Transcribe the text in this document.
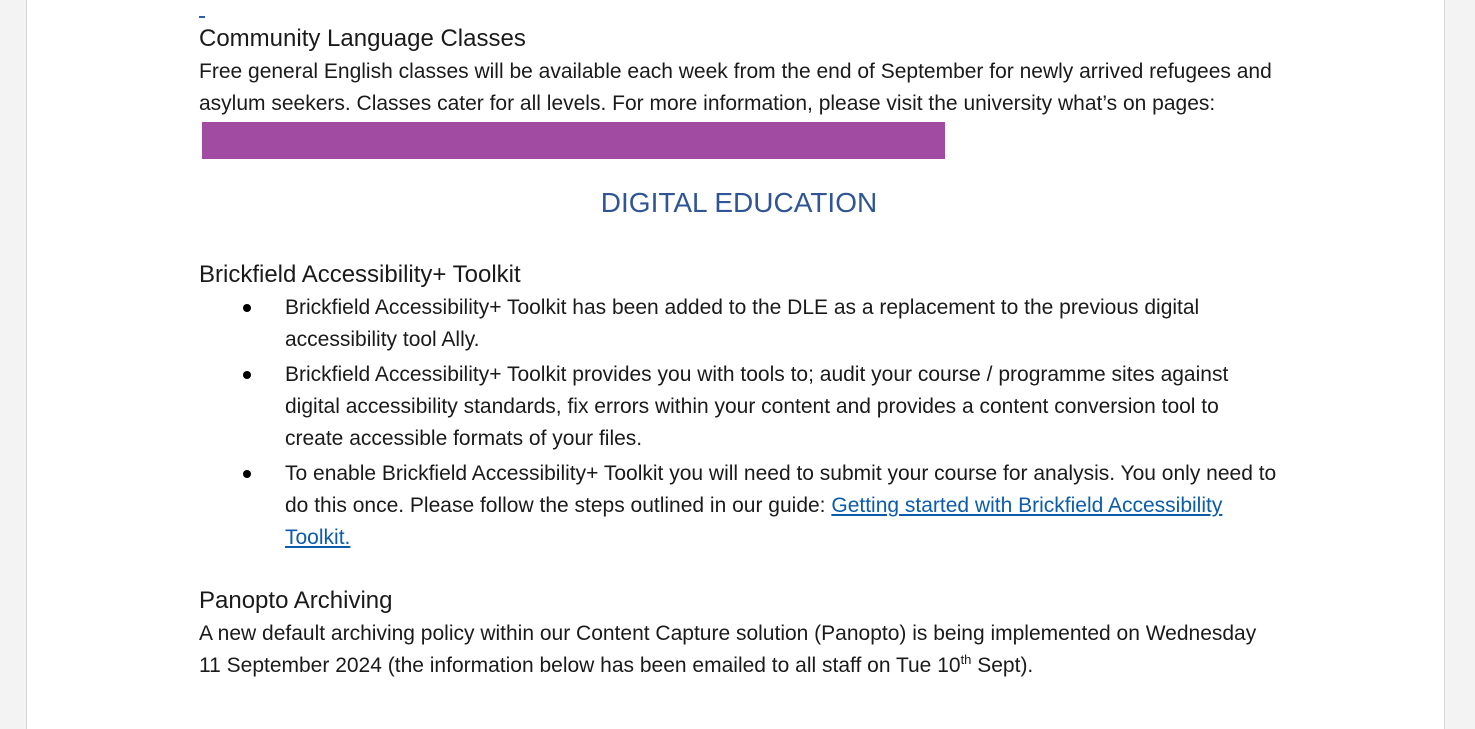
Community Language Classes

Free general English classes will be available each week from the end of September for newly arrived refugees and asylum seekers. Classes cater for all levels. For more information, please visit the university what’s on pages:

DIGITAL EDUCATION
Brickfield Accessibility+ Toolkit
Brickfield Accessibility+ Toolkit has been added to the DLE as a replacement to the previous digital accessibility tool Ally.
Brickfield Accessibility+ Toolkit provides you with tools to; audit your course / programme sites against digital accessibility standards, fix errors within your content and provides a content conversion tool to create accessible formats of your files.
To enable Brickfield Accessibility+ Toolkit you will need to submit your course for analysis. You only need to do this once. Please follow the steps outlined in our guide: Getting started with Brickfield Accessibility Toolkit.
Panopto Archiving

A new default archiving policy within our Content Capture solution (Panopto) is being implemented on Wednesday 11 September 2024 (the information below has been emailed to all staff on Tue 10th Sept).
